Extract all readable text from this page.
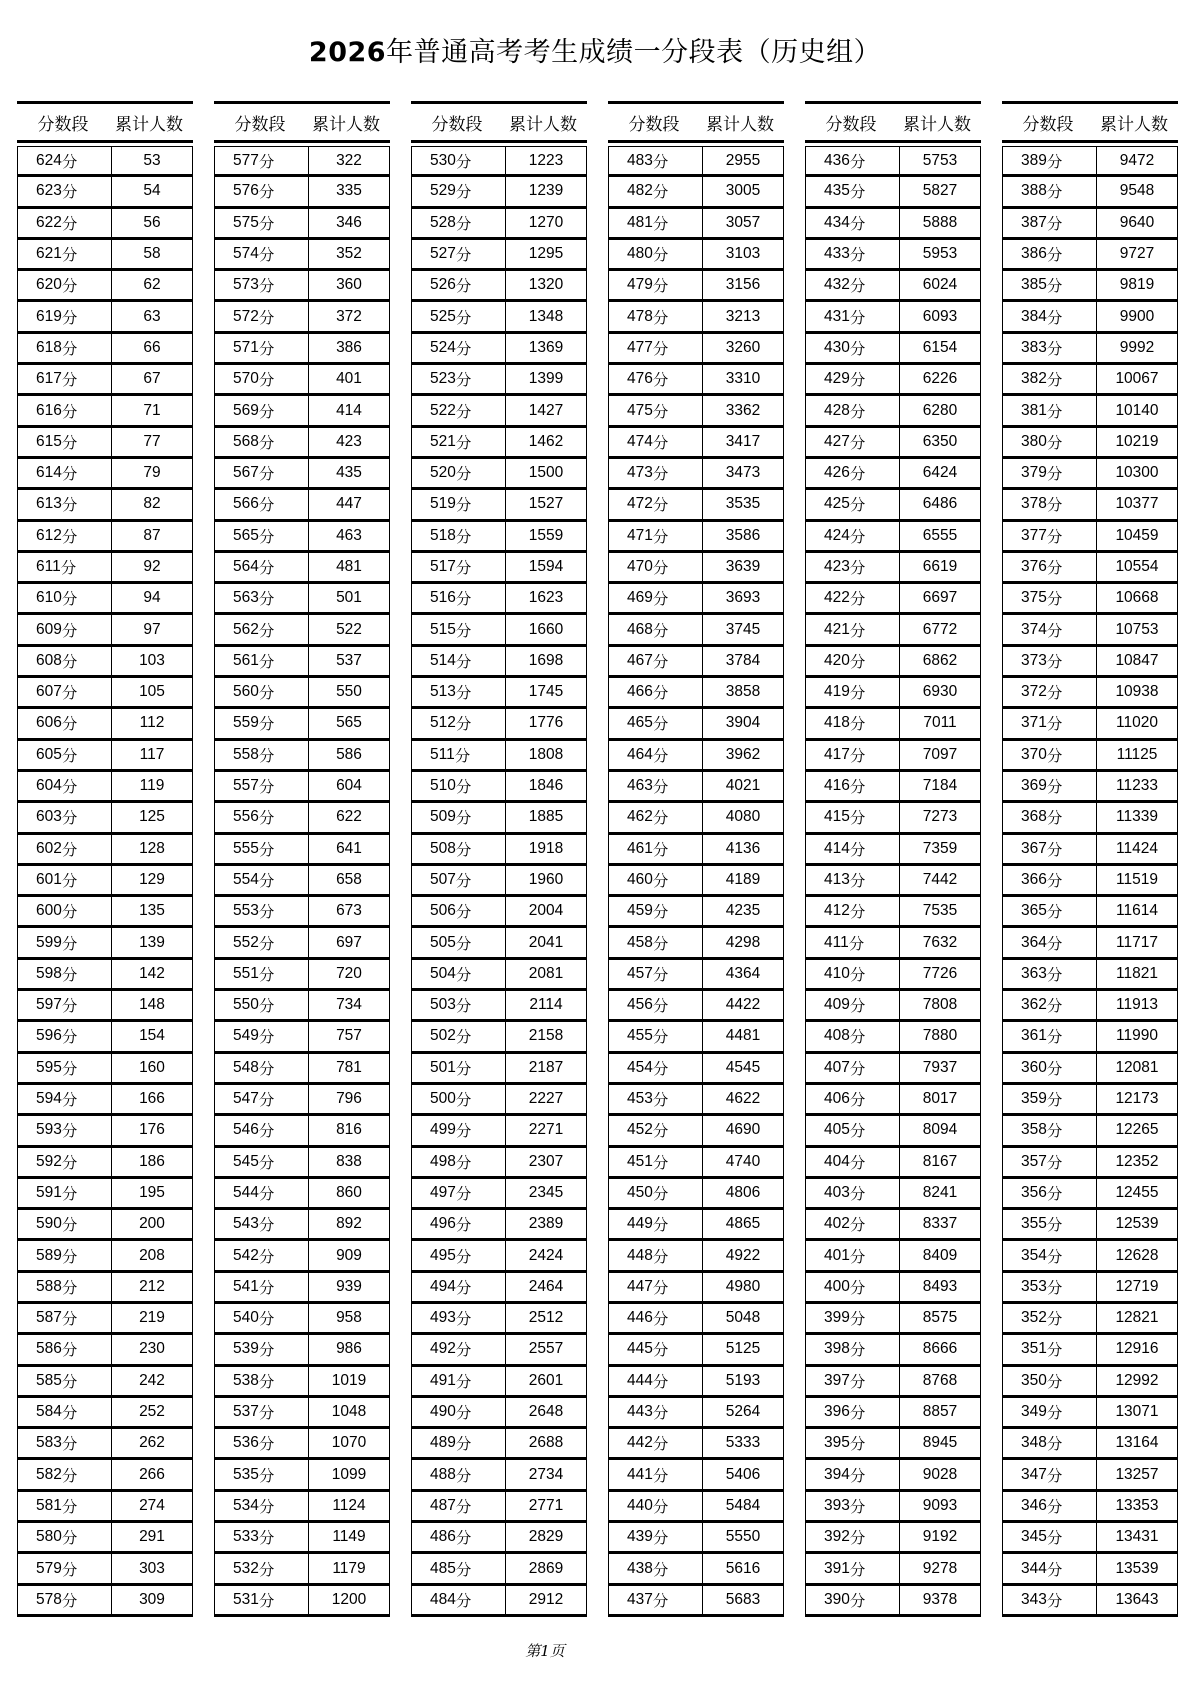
2026年普通高考考生成绩一分段表（历史组）
分数段	累计人数
624 分	53
623 分	54
622 分	56
621 分	58
620 分	62
619 分	63
618 分	66
617 分	67
616 分	71
615 分	77
614 分	79
613 分	82
612 分	87
611 分	92
610 分	94
609 分	97
608 分	103
607 分	105
606 分	112
605 分	117
604 分	119
603 分	125
602 分	128
601 分	129
600 分	135
599 分	139
598 分	142
597 分	148
596 分	154
595 分	160
594 分	166
593 分	176
592 分	186
591 分	195
590 分	200
589 分	208
588 分	212
587 分	219
586 分	230
585 分	242
584 分	252
583 分	262
582 分	266
581 分	274
580 分	291
579 分	303
578 分	309
分数段	累计人数
577 分	322
576 分	335
575 分	346
574 分	352
573 分	360
572 分	372
571 分	386
570 分	401
569 分	414
568 分	423
567 分	435
566 分	447
565 分	463
564 分	481
563 分	501
562 分	522
561 分	537
560 分	550
559 分	565
558 分	586
557 分	604
556 分	622
555 分	641
554 分	658
553 分	673
552 分	697
551 分	720
550 分	734
549 分	757
548 分	781
547 分	796
546 分	816
545 分	838
544 分	860
543 分	892
542 分	909
541 分	939
540 分	958
539 分	986
538 分	1019
537 分	1048
536 分	1070
535 分	1099
534 分	1124
533 分	1149
532 分	1179
531 分	1200
分数段	累计人数
530 分	1223
529 分	1239
528 分	1270
527 分	1295
526 分	1320
525 分	1348
524 分	1369
523 分	1399
522 分	1427
521 分	1462
520 分	1500
519 分	1527
518 分	1559
517 分	1594
516 分	1623
515 分	1660
514 分	1698
513 分	1745
512 分	1776
511 分	1808
510 分	1846
509 分	1885
508 分	1918
507 分	1960
506 分	2004
505 分	2041
504 分	2081
503 分	2114
502 分	2158
501 分	2187
500 分	2227
499 分	2271
498 分	2307
497 分	2345
496 分	2389
495 分	2424
494 分	2464
493 分	2512
492 分	2557
491 分	2601
490 分	2648
489 分	2688
488 分	2734
487 分	2771
486 分	2829
485 分	2869
484 分	2912
分数段	累计人数
483 分	2955
482 分	3005
481 分	3057
480 分	3103
479 分	3156
478 分	3213
477 分	3260
476 分	3310
475 分	3362
474 分	3417
473 分	3473
472 分	3535
471 分	3586
470 分	3639
469 分	3693
468 分	3745
467 分	3784
466 分	3858
465 分	3904
464 分	3962
463 分	4021
462 分	4080
461 分	4136
460 分	4189
459 分	4235
458 分	4298
457 分	4364
456 分	4422
455 分	4481
454 分	4545
453 分	4622
452 分	4690
451 分	4740
450 分	4806
449 分	4865
448 分	4922
447 分	4980
446 分	5048
445 分	5125
444 分	5193
443 分	5264
442 分	5333
441 分	5406
440 分	5484
439 分	5550
438 分	5616
437 分	5683
分数段	累计人数
436 分	5753
435 分	5827
434 分	5888
433 分	5953
432 分	6024
431 分	6093
430 分	6154
429 分	6226
428 分	6280
427 分	6350
426 分	6424
425 分	6486
424 分	6555
423 分	6619
422 分	6697
421 分	6772
420 分	6862
419 分	6930
418 分	7011
417 分	7097
416 分	7184
415 分	7273
414 分	7359
413 分	7442
412 分	7535
411 分	7632
410 分	7726
409 分	7808
408 分	7880
407 分	7937
406 分	8017
405 分	8094
404 分	8167
403 分	8241
402 分	8337
401 分	8409
400 分	8493
399 分	8575
398 分	8666
397 分	8768
396 分	8857
395 分	8945
394 分	9028
393 分	9093
392 分	9192
391 分	9278
390 分	9378
分数段	累计人数
389 分	9472
388 分	9548
387 分	9640
386 分	9727
385 分	9819
384 分	9900
383 分	9992
382 分	10067
381 分	10140
380 分	10219
379 分	10300
378 分	10377
377 分	10459
376 分	10554
375 分	10668
374 分	10753
373 分	10847
372 分	10938
371 分	11020
370 分	11125
369 分	11233
368 分	11339
367 分	11424
366 分	11519
365 分	11614
364 分	11717
363 分	11821
362 分	11913
361 分	11990
360 分	12081
359 分	12173
358 分	12265
357 分	12352
356 分	12455
355 分	12539
354 分	12628
353 分	12719
352 分	12821
351 分	12916
350 分	12992
349 分	13071
348 分	13164
347 分	13257
346 分	13353
345 分	13431
344 分	13539
343 分	13643
第1页
